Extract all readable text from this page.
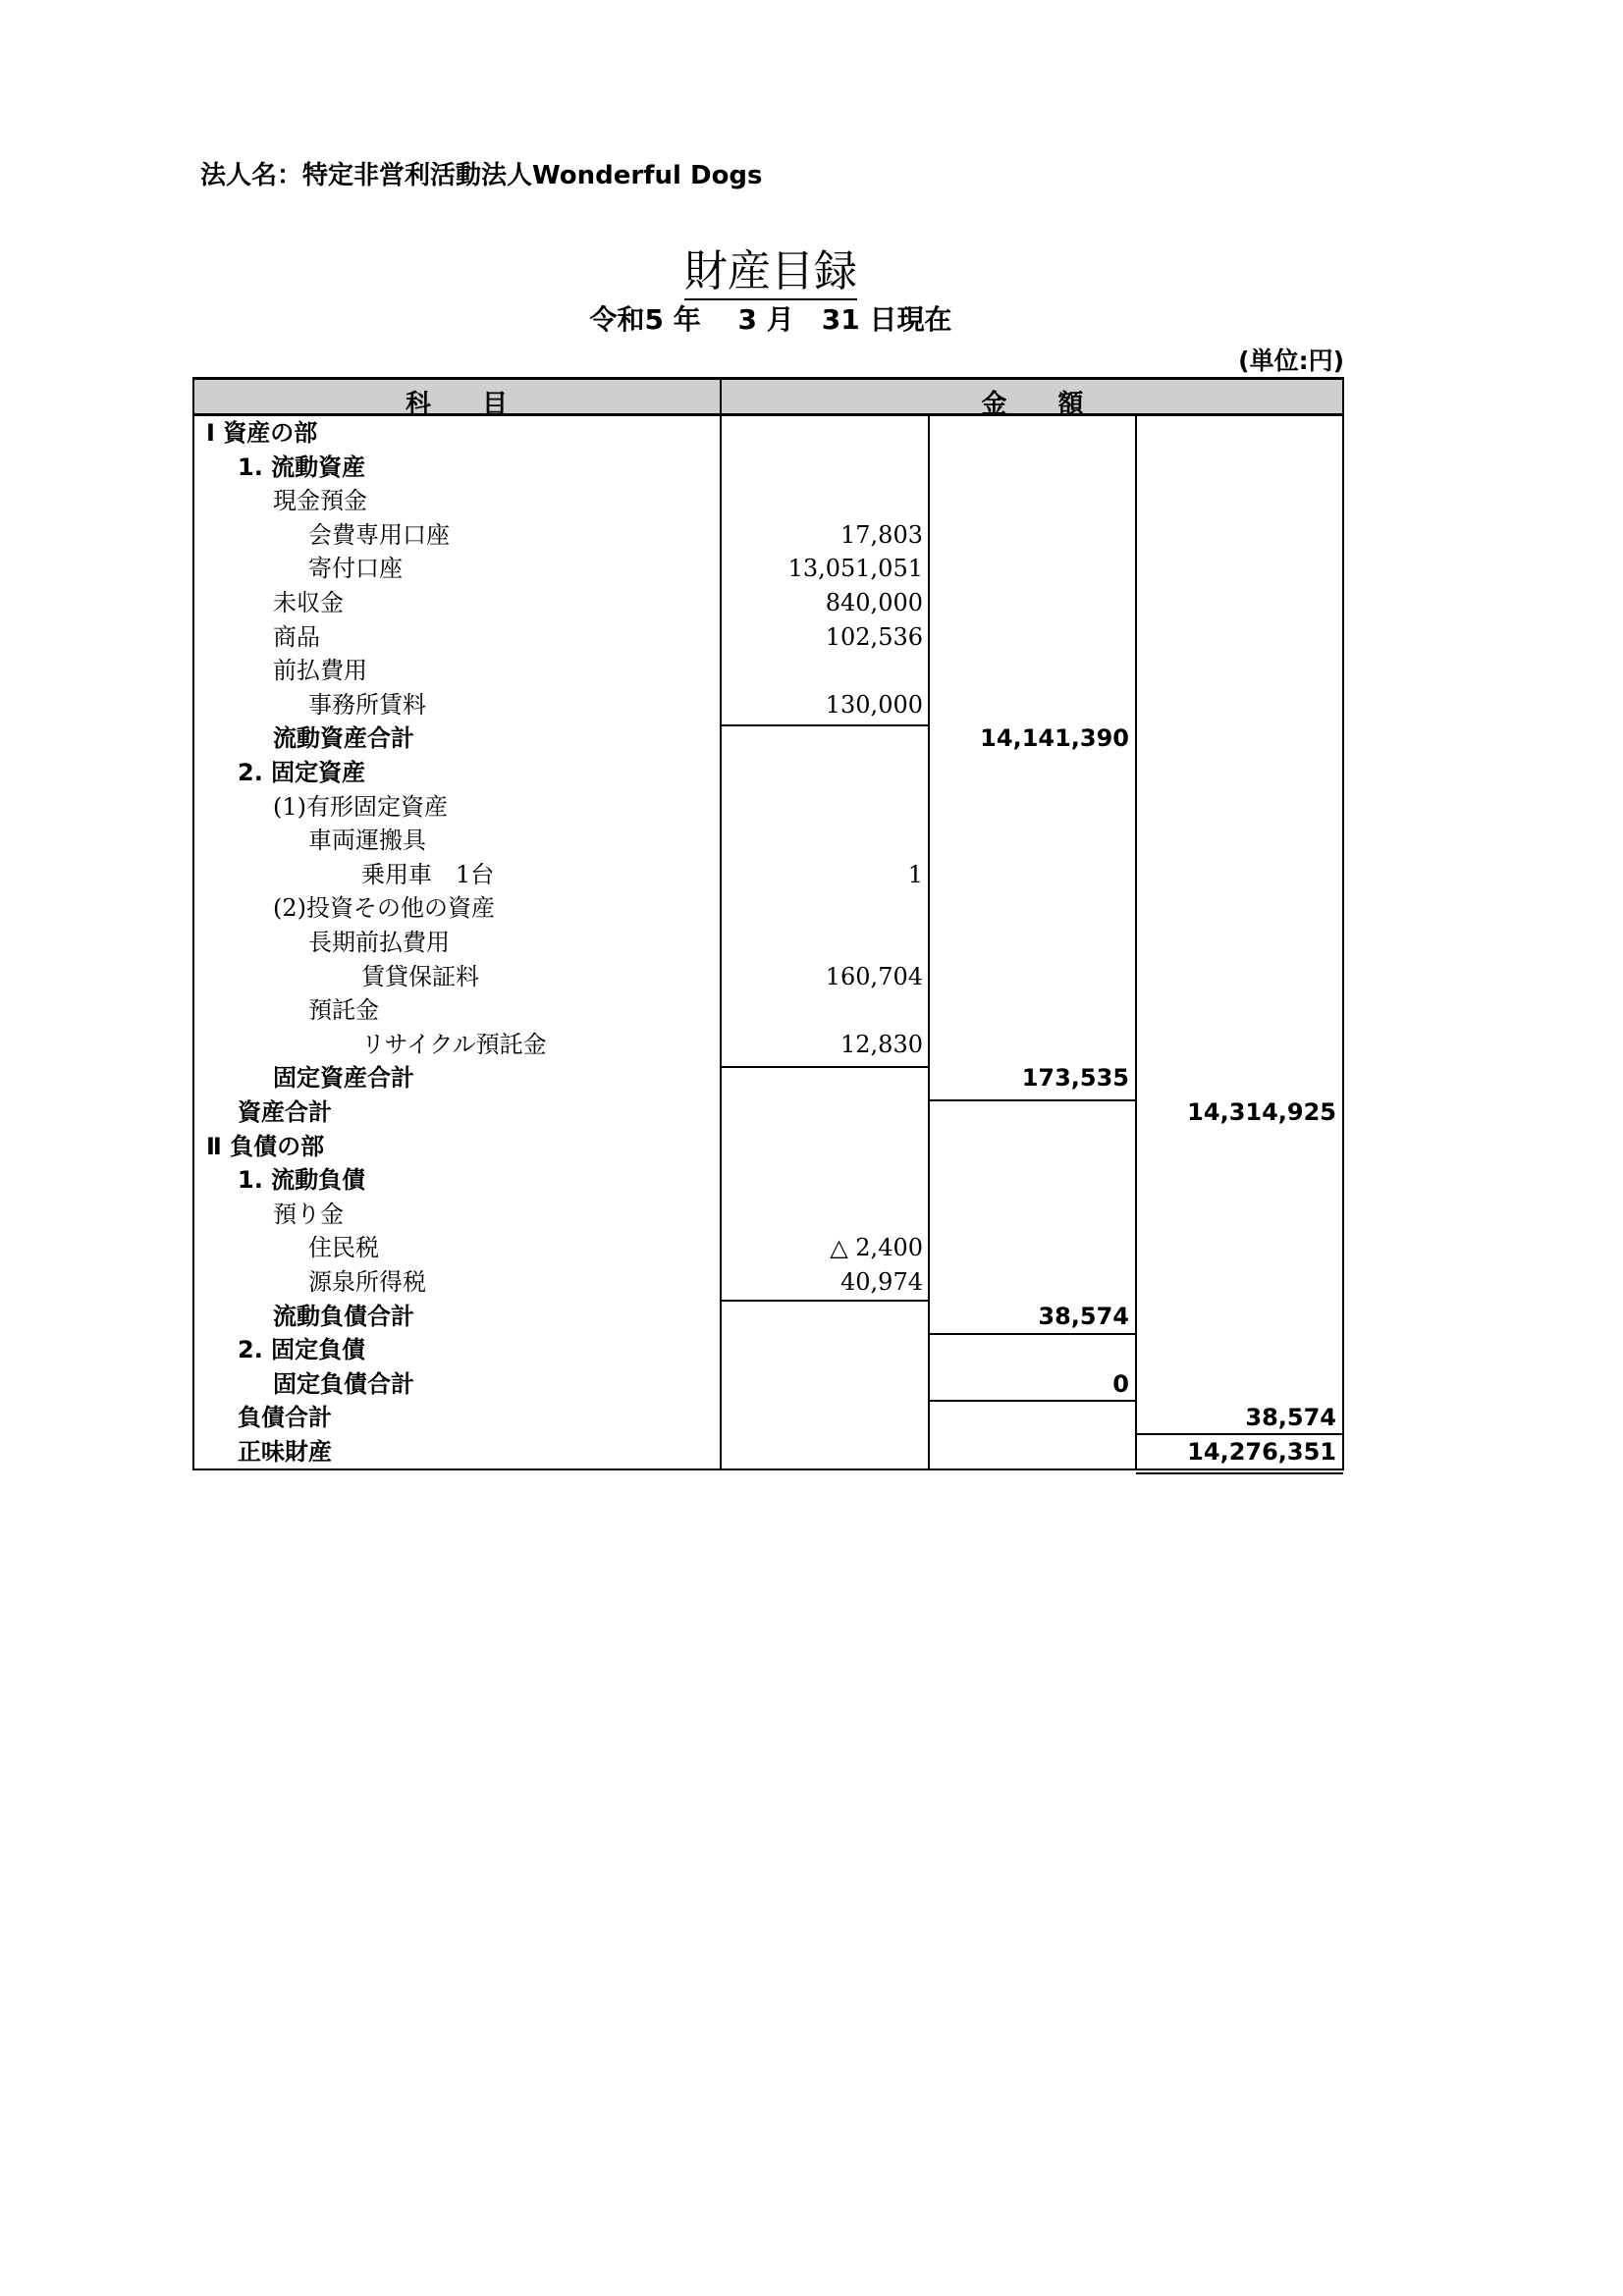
法人名：特定非営利活動法人Wonderful Dogs
財産目録
令和5 年　 3 月　31 日現在
(単位:円)
科　　目	金　　額
Ⅰ 資産の部
1. 流動資産
現金預金
会費専用口座	17,803
寄付口座	13,051,051
未収金	840,000
商品	102,536
前払費用
事務所賃料	130,000
流動資産合計	14,141,390
2. 固定資産
(1)有形固定資産
車両運搬具
乗用車　1台	1
(2)投資その他の資産
長期前払費用
賃貸保証料	160,704
預託金
リサイクル預託金	12,830
固定資産合計	173,535
資産合計	14,314,925
Ⅱ 負債の部
1. 流動負債
預り金
住民税	△ 2,400
源泉所得税	40,974
流動負債合計	38,574
2. 固定負債
固定負債合計	0
負債合計	38,574
正味財産	14,276,351
